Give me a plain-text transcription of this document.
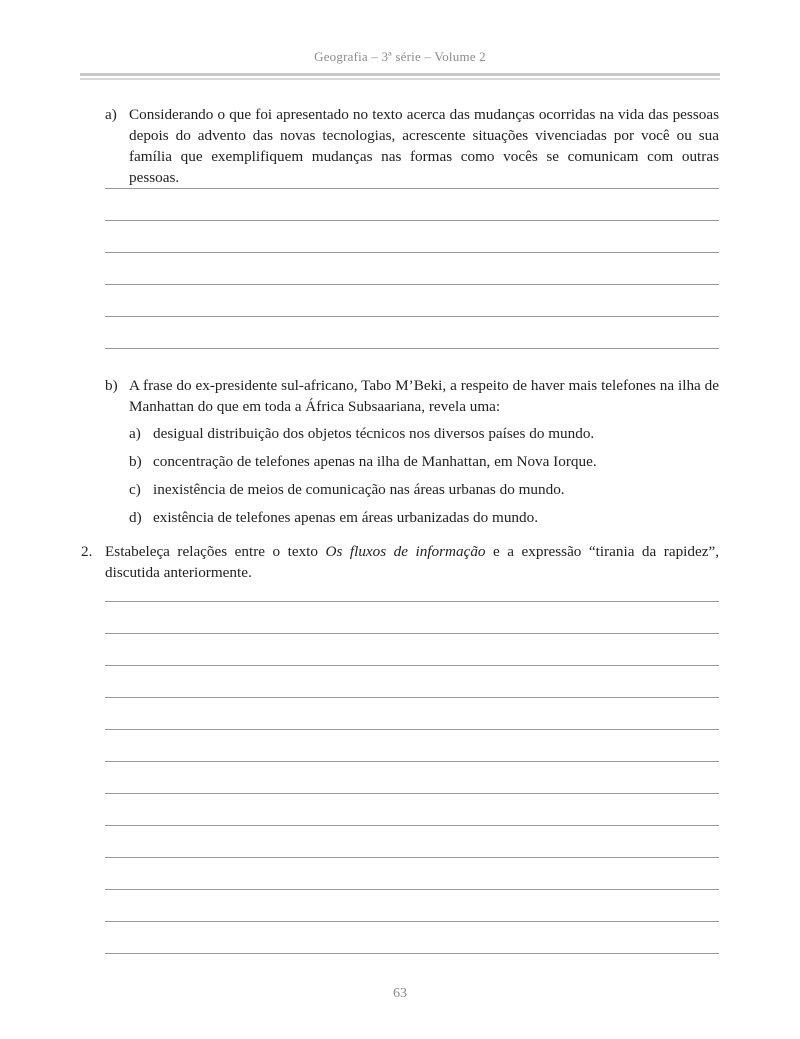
Geografia – 3ª série – Volume 2
a) Considerando o que foi apresentado no texto acerca das mudanças ocorridas na vida das pessoas depois do advento das novas tecnologias, acrescente situações vivenciadas por você ou sua família que exemplifiquem mudanças nas formas como vocês se comunicam com outras pessoas.
b) A frase do ex-presidente sul-africano, Tabo M’Beki, a respeito de haver mais telefones na ilha de Manhattan do que em toda a África Subsaariana, revela uma:
a) desigual distribuição dos objetos técnicos nos diversos países do mundo.
b) concentração de telefones apenas na ilha de Manhattan, em Nova Iorque.
c) inexistência de meios de comunicação nas áreas urbanas do mundo.
d) existência de telefones apenas em áreas urbanizadas do mundo.
2. Estabeleça relações entre o texto Os fluxos de informação e a expressão “tirania da rapidez”, discutida anteriormente.
63
